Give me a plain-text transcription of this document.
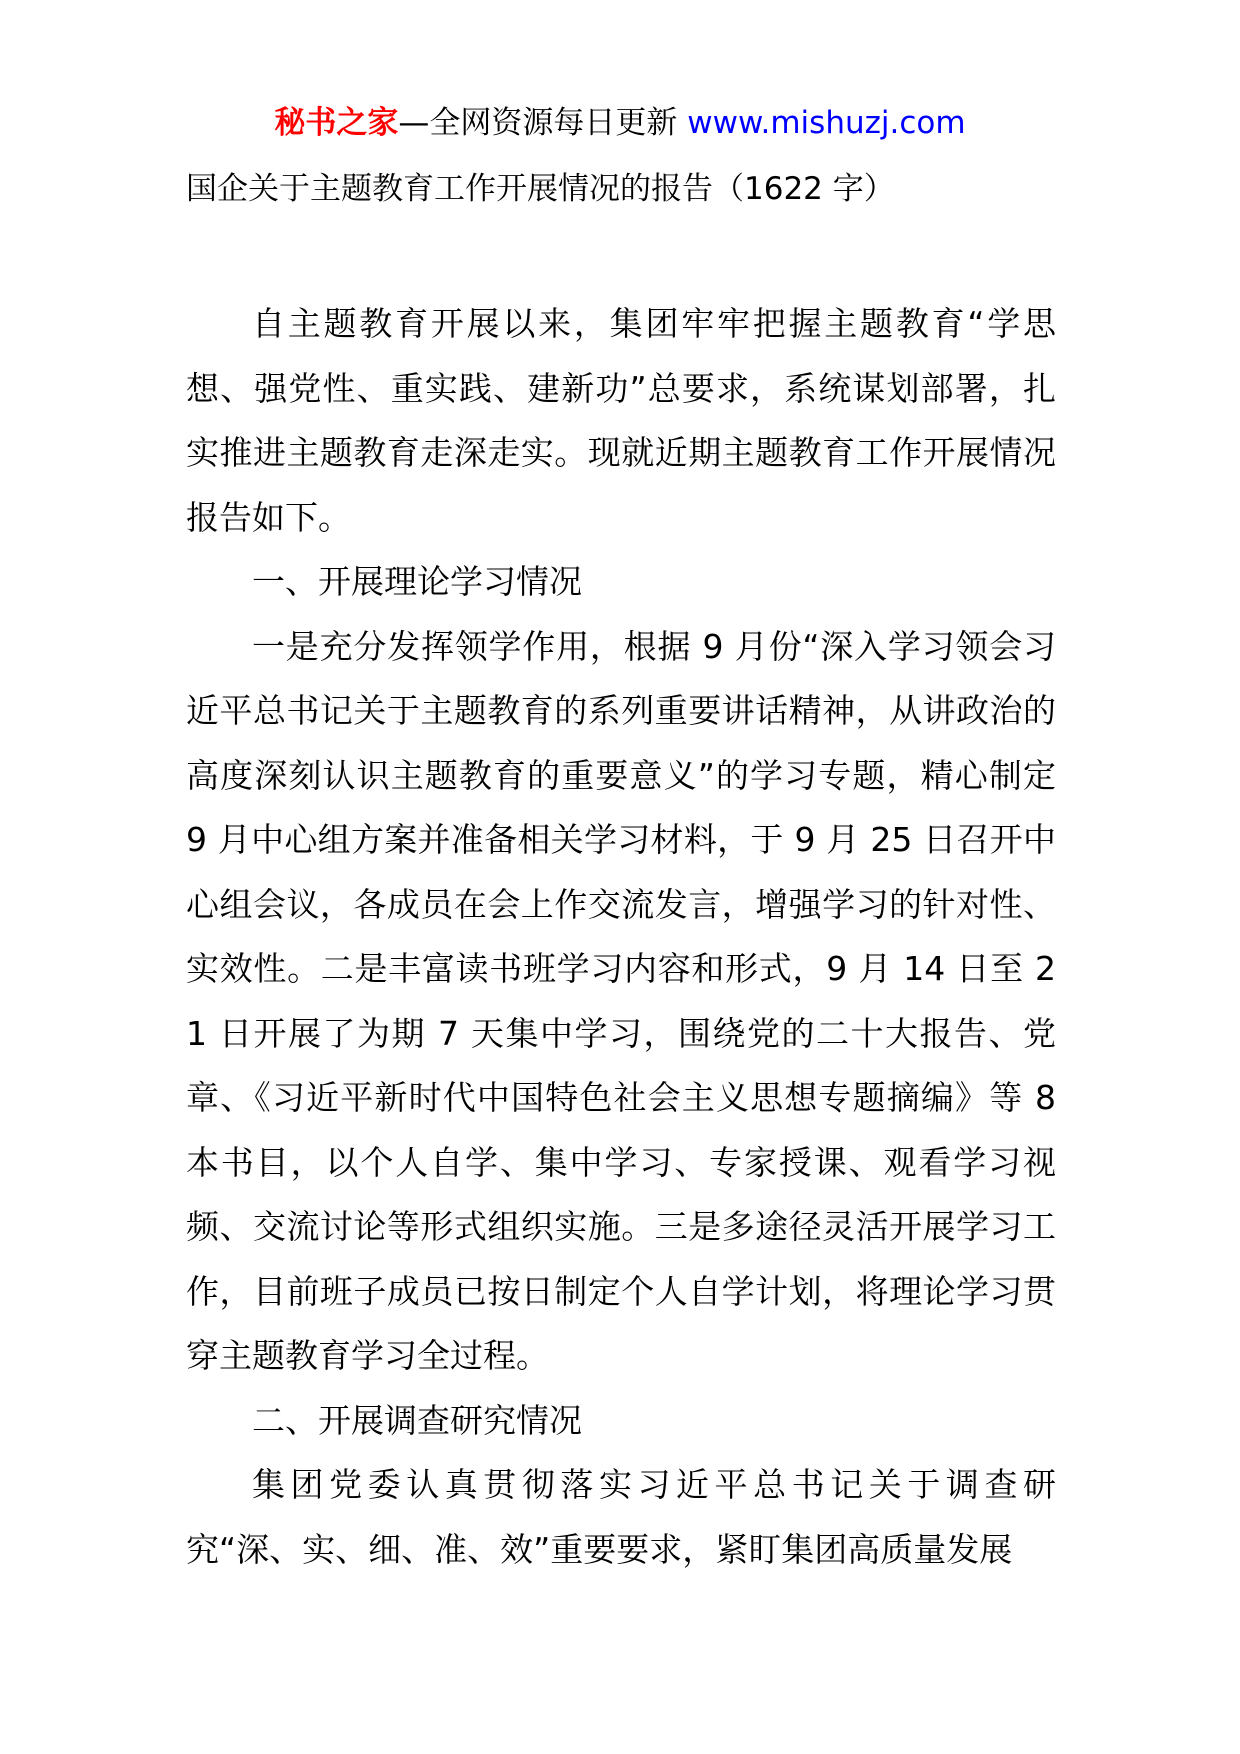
秘书之家—全网资源每日更新 www.mishuzj.com
国企关于主题教育工作开展情况的报告（1622 字）

自主题教育开展以来，集团牢牢把握主题教育“学思想、强党性、重实践、建新功”总要求，系统谋划部署，扎实推进主题教育走深走实。现就近期主题教育工作开展情况报告如下。

一、开展理论学习情况

一是充分发挥领学作用，根据 9 月份“深入学习领会习近平总书记关于主题教育的系列重要讲话精神，从讲政治的高度深刻认识主题教育的重要意义”的学习专题，精心制定 9 月中心组方案并准备相关学习材料，于 9 月 25 日召开中心组会议，各成员在会上作交流发言，增强学习的针对性、实效性。二是丰富读书班学习内容和形式，9 月 14 日至 21 日开展了为期 7 天集中学习，围绕党的二十大报告、党章、《习近平新时代中国特色社会主义思想专题摘编》等 8 本书目，以个人自学、集中学习、专家授课、观看学习视频、交流讨论等形式组织实施。三是多途径灵活开展学习工作，目前班子成员已按日制定个人自学计划，将理论学习贯穿主题教育学习全过程。

二、开展调查研究情况

集团党委认真贯彻落实习近平总书记关于调查研究“深、实、细、准、效”重要要求，紧盯集团高质量发展
